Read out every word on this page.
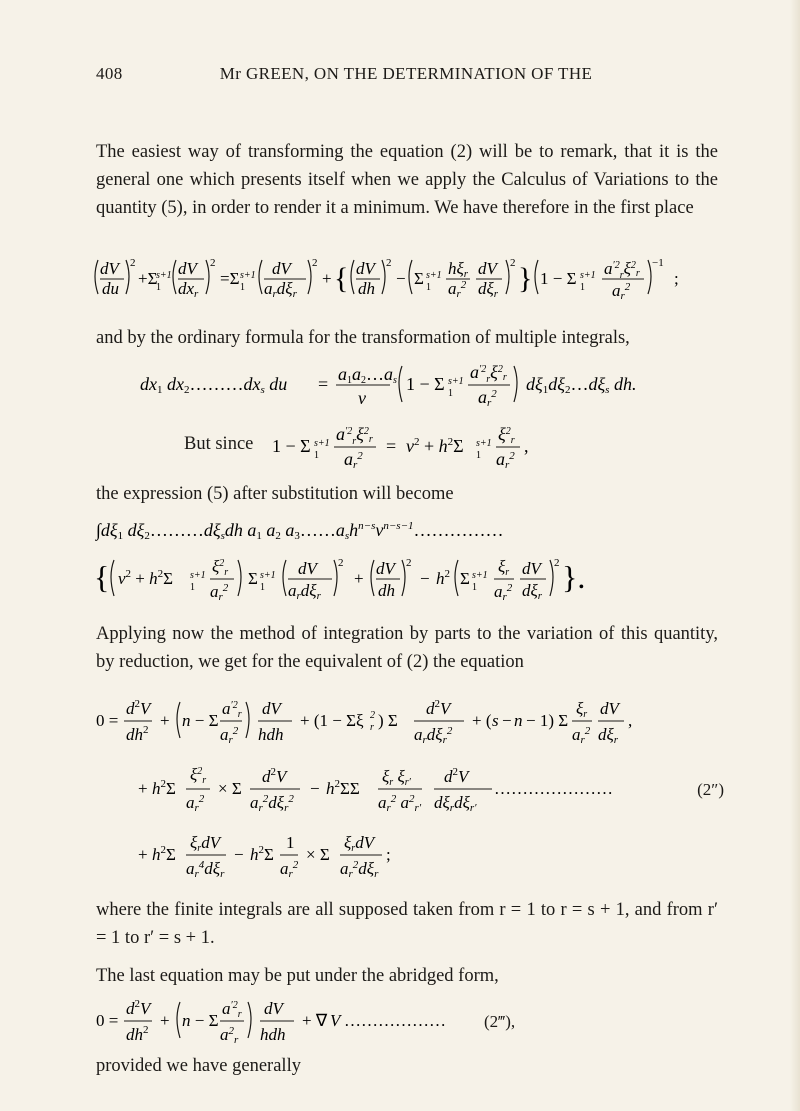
408	Mr GREEN, ON THE DETERMINATION OF THE

The easiest way of transforming the equation (2) will be to remark, that it is the general one which presents itself when we apply the Calculus of Variations to the quantity (5), in order to render it a minimum. We have therefore in the first place

dV
du
2
+Σ
s+1
1
dV
dxr
2
=Σ s+1
1
dV
ardξr
2
+ { dV
dh
2
− Σ s+1
1
hξr
$ar^2$
dV
dξr
2 } 1 − Σ s+1
1
$a^{'2}_r\xi^2_r$
$ar^2$
−1
;

and by the ordinary formula for the transformation of multiple integrals,

dx1 dx2………dxs du = a1a2…as
v
1 − Σ s+1
1
$a^{'2}_r\xi^2_r$
$ar^2$ dξ1dξ2…dξs dh.
But since 1 − Σ s+1
1
$a^{'2}_r\xi^2_r$
$ar^2 = v^2 + h^2\Sigma$ s+1
1
$\xi^2_r$
$ar^2$ ,

the expression (5) after substitution will become

∫dξ1 dξ2………dξsdh a1 a2 $a3\dots\dots ash^{n-s}v^{n-s-1}\dots\dots\dots\dots\dots$
{ $v^2 + h^2\Sigma$ s+1
1
$\xi^2_r$
$ar^2$ Σ s+1
1
dV
ardξr
2
+
dV
dh
2
− $h^2$ Σ s+1
1
ξr
$ar^2$
dV
dξr
2 }.

Applying now the method of integration by parts to the variation of this quantity, by reduction, we get for the equivalent of (2) the equation

0 =
$d^2V$
$dh^2 + n - \Sigma$
$a^{'2}_r$
$ar^2$
dV
hdh
+ (1 − Σξ 2
r ) Σ
$d^2V$
ardξr$^2$
+ ( s − n − 1) Σ
ξr
$ar^2$
dV
dξr
,
+ $h^2\Sigma$
$\xi^2_r$
$ar^2$
× Σ
$d^2V$
$ar^2d\xi r^2$
− $h^2\Sigma\Sigma$
ξr ξr′
$ar^2$ $a^2_{r'}$
$d^2V$
dξrdξr′
…………………	(2″)
+ $h^2\Sigma$
ξrdV
$ar^4d\xi r$
− $h^2\Sigma$
1
$ar^2$
× Σ
ξrdV
$ar^2d\xi r$
;

where the finite integrals are all supposed taken from r = 1 to r = s + 1, and from r′ = 1 to r′ = s + 1.

The last equation may be put under the abridged form,

0 =
$d^2V$
$dh^2 + n - \Sigma$
$a^{'2}_r$
$a^2_r$
dV
hdh
+ ∇ V ……………… (2‴),

provided we have generally
